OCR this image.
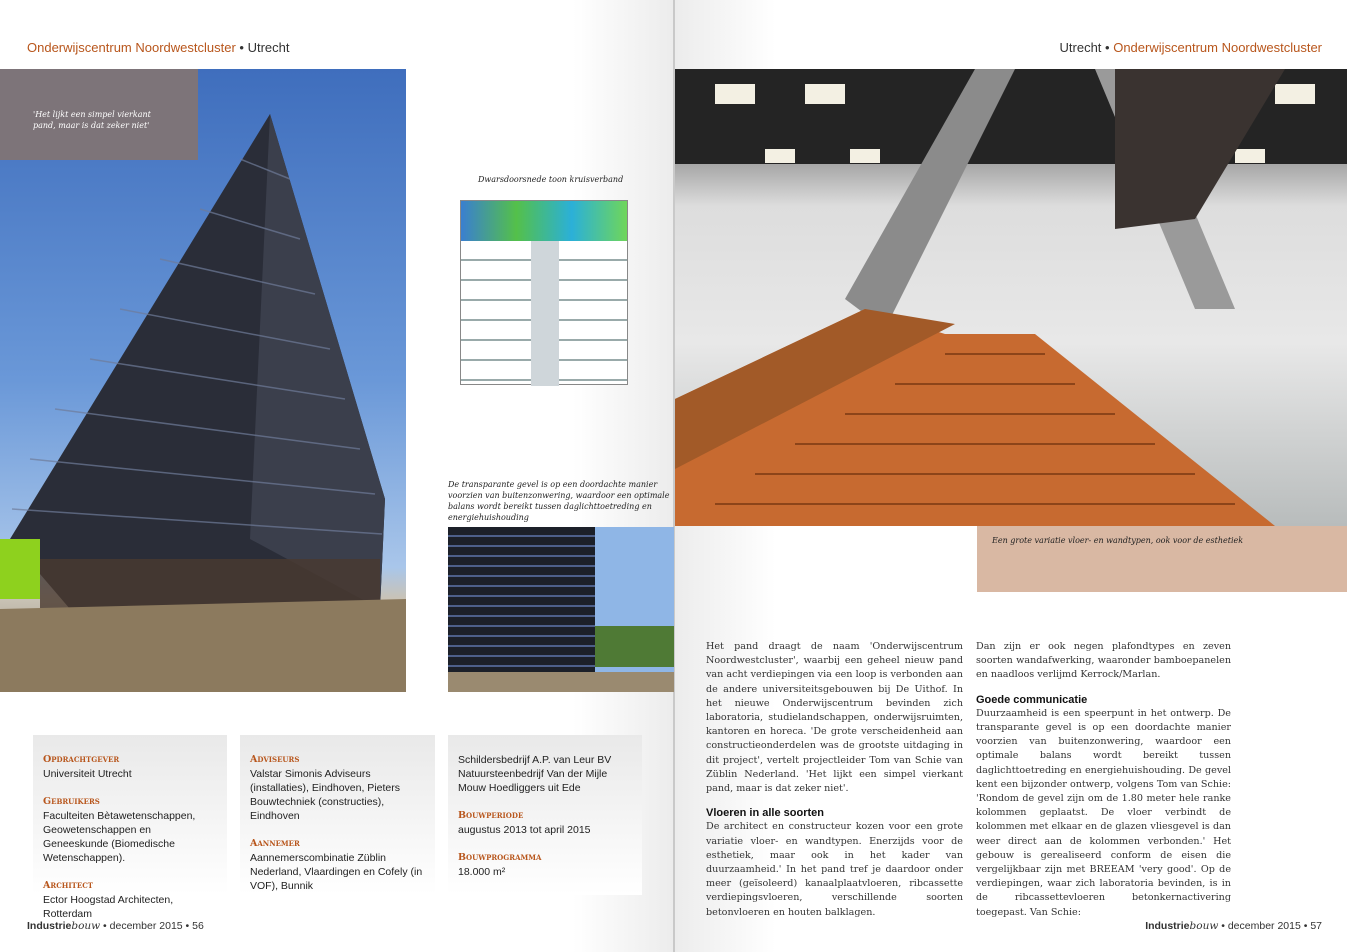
Onderwijscentrum Noordwestcluster • Utrecht	Utrecht • Onderwijscentrum Noordwestcluster
'Het lijkt een simpel vierkant pand, maar is dat zeker niet'
Dwarsdoorsnede toon kruisverband
De transparante gevel is op een doordachte manier voorzien van buitenzonwering, waardoor een optimale balans wordt bereikt tussen daglichttoetreding en energiehuishouding
Een grote variatie vloer- en wandtypen, ook voor de esthetiek
Opdrachtgever
Universiteit Utrecht
Gebruikers
Faculteiten Bètawetenschappen, Geowetenschappen en Geneeskunde (Biomedische Wetenschappen).
Architect
Ector Hoogstad Architecten, Rotterdam
Adviseurs
Valstar Simonis Adviseurs (installaties), Eindhoven, Pieters Bouwtechniek (constructies), Eindhoven
Aannemer
Aannemerscombinatie Züblin Nederland, Vlaardingen en Cofely (in VOF), Bunnik
Schildersbedrijf A.P. van Leur BV
Natuursteenbedrijf Van der Mijle
Mouw Hoedliggers uit Ede
Bouwperiode
augustus 2013 tot april 2015
Bouwprogramma
18.000 m²

Het pand draagt de naam 'Onderwijscentrum Noordwestcluster', waarbij een geheel nieuw pand van acht verdiepingen via een loop is verbonden aan de andere universiteitsgebouwen bij De Uithof. In het nieuwe Onderwijscentrum bevinden zich laboratoria, studielandschappen, onderwijsruimten, kantoren en horeca. 'De grote verscheidenheid aan constructieonderdelen was de grootste uitdaging in dit project', vertelt projectleider Tom van Schie van Züblin Nederland. 'Het lijkt een simpel vierkant pand, maar is dat zeker niet'.

Vloeren in alle soorten

De architect en constructeur kozen voor een grote variatie vloer- en wandtypen. Enerzijds voor de esthetiek, maar ook in het kader van duurzaamheid.' In het pand tref je daardoor onder meer (geïsoleerd) kanaalplaatvloeren, ribcassette verdiepingsvloeren, verschillende soorten betonvloeren en houten balklagen.

Dan zijn er ook negen plafondtypes en zeven soorten wandafwerking, waaronder bamboepanelen en naadloos verlijmd Kerrock/Marlan.

Goede communicatie

Duurzaamheid is een speerpunt in het ontwerp. De transparante gevel is op een doordachte manier voorzien van buitenzonwering, waardoor een optimale balans wordt bereikt tussen daglichttoetreding en energiehuishouding. De gevel kent een bijzonder ontwerp, volgens Tom van Schie: 'Rondom de gevel zijn om de 1.80 meter hele ranke kolommen geplaatst. De vloer verbindt de kolommen met elkaar en de glazen vliesgevel is dan weer direct aan de kolommen verbonden.' Het gebouw is gerealiseerd conform de eisen die vergelijkbaar zijn met BREEAM 'very good'. Op de verdiepingen, waar zich laboratoria bevinden, is in de ribcassettevloeren betonkernactivering toegepast. Van Schie:

Industriebouw • december 2015 • 56	Industriebouw • december 2015 • 57
